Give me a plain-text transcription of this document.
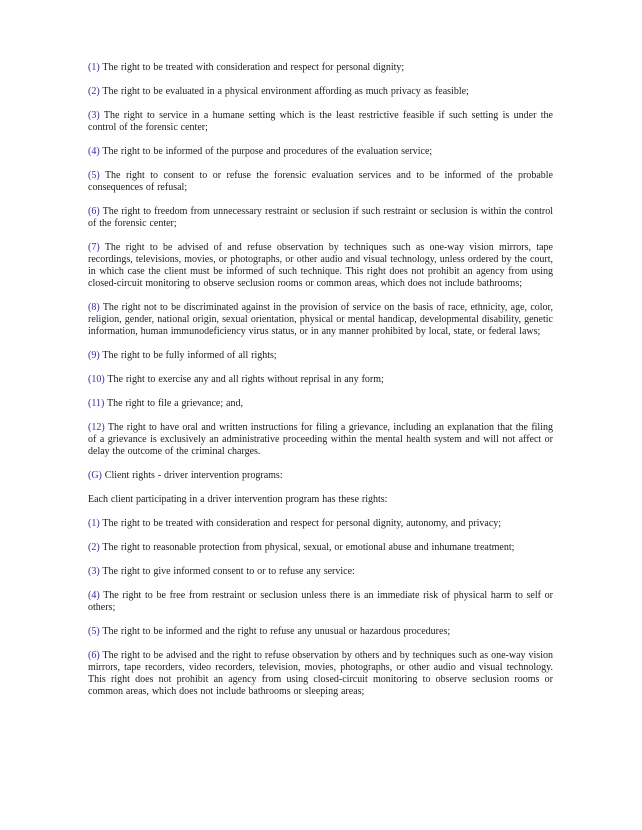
(1) The right to be treated with consideration and respect for personal dignity;

(2) The right to be evaluated in a physical environment affording as much privacy as feasible;

(3) The right to service in a humane setting which is the least restrictive feasible if such setting is under the control of the forensic center;

(4) The right to be informed of the purpose and procedures of the evaluation service;

(5) The right to consent to or refuse the forensic evaluation services and to be informed of the probable consequences of refusal;

(6) The right to freedom from unnecessary restraint or seclusion if such restraint or seclusion is within the control of the forensic center;

(7) The right to be advised of and refuse observation by techniques such as one-way vision mirrors, tape recordings, televisions, movies, or photographs, or other audio and visual technology, unless ordered by the court, in which case the client must be informed of such technique. This right does not prohibit an agency from using closed-circuit monitoring to observe seclusion rooms or common areas, which does not include bathrooms;

(8) The right not to be discriminated against in the provision of service on the basis of race, ethnicity, age, color, religion, gender, national origin, sexual orientation, physical or mental handicap, developmental disability, genetic information, human immunodeficiency virus status, or in any manner prohibited by local, state, or federal laws;

(9) The right to be fully informed of all rights;

(10) The right to exercise any and all rights without reprisal in any form;

(11) The right to file a grievance; and,

(12) The right to have oral and written instructions for filing a grievance, including an explanation that the filing of a grievance is exclusively an administrative proceeding within the mental health system and will not affect or delay the outcome of the criminal charges.

(G) Client rights - driver intervention programs:

Each client participating in a driver intervention program has these rights:

(1) The right to be treated with consideration and respect for personal dignity, autonomy, and privacy;

(2) The right to reasonable protection from physical, sexual, or emotional abuse and inhumane treatment;

(3) The right to give informed consent to or to refuse any service:

(4) The right to be free from restraint or seclusion unless there is an immediate risk of physical harm to self or others;

(5) The right to be informed and the right to refuse any unusual or hazardous procedures;

(6) The right to be advised and the right to refuse observation by others and by techniques such as one-way vision mirrors, tape recorders, video recorders, television, movies, photographs, or other audio and visual technology. This right does not prohibit an agency from using closed-circuit monitoring to observe seclusion rooms or common areas, which does not include bathrooms or sleeping areas;
